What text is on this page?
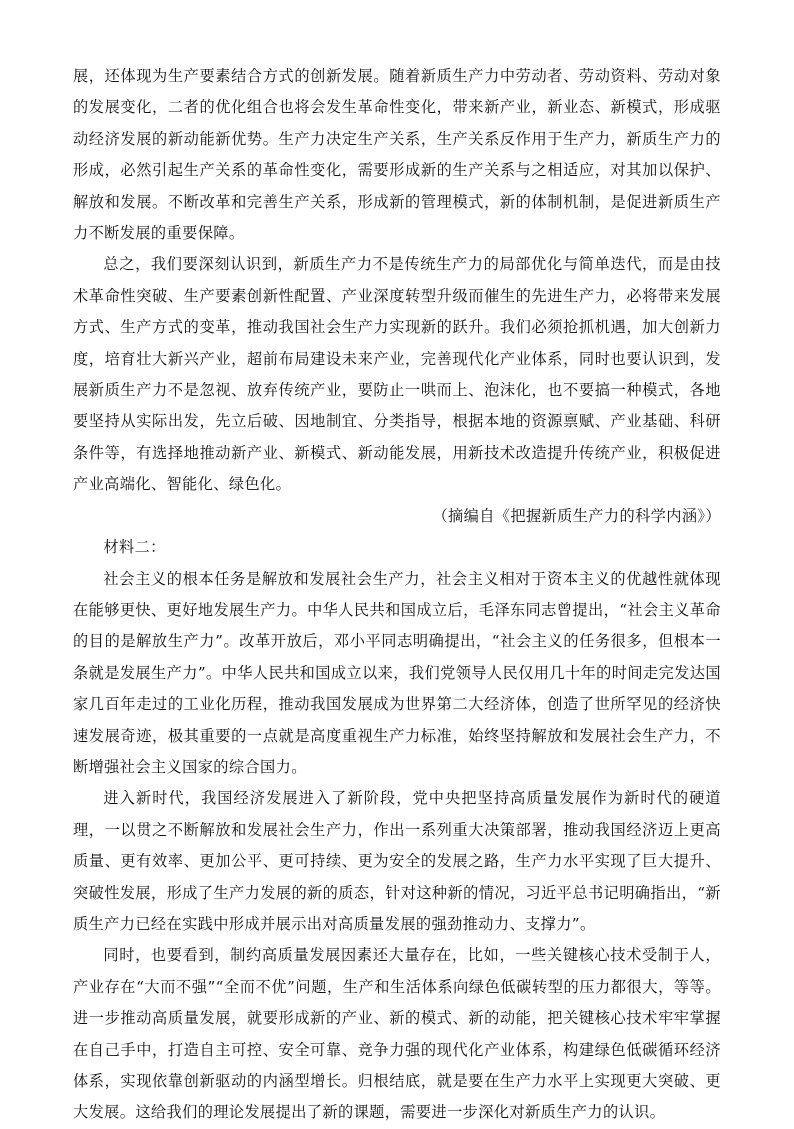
展，还体现为生产要素结合方式的创新发展。随着新质生产力中劳动者、劳动资料、劳动对象的发展变化，二者的优化组合也将会发生革命性变化，带来新产业，新业态、新模式，形成驱动经济发展的新动能新优势。生产力决定生产关系，生产关系反作用于生产力，新质生产力的形成，必然引起生产关系的革命性变化，需要形成新的生产关系与之相适应，对其加以保护、解放和发展。不断改革和完善生产关系，形成新的管理模式，新的体制机制，是促进新质生产力不断发展的重要保障。

总之，我们要深刻认识到，新质生产力不是传统生产力的局部优化与简单迭代，而是由技术革命性突破、生产要素创新性配置、产业深度转型升级而催生的先进生产力，必将带来发展方式、生产方式的变革，推动我国社会生产力实现新的跃升。我们必须抢抓机遇，加大创新力度，培育壮大新兴产业，超前布局建设未来产业，完善现代化产业体系，同时也要认识到，发展新质生产力不是忽视、放弃传统产业，要防止一哄而上、泡沫化，也不要搞一种模式，各地要坚持从实际出发，先立后破、因地制宜、分类指导，根据本地的资源禀赋、产业基础、科研条件等，有选择地推动新产业、新模式、新动能发展，用新技术改造提升传统产业，积极促进产业高端化、智能化、绿色化。

（摘编自《把握新质生产力的科学内涵》）

材料二：

社会主义的根本任务是解放和发展社会生产力，社会主义相对于资本主义的优越性就体现在能够更快、更好地发展生产力。中华人民共和国成立后，毛泽东同志曾提出，“社会主义革命的目的是解放生产力”。改革开放后，邓小平同志明确提出，“社会主义的任务很多，但根本一条就是发展生产力”。中华人民共和国成立以来，我们党领导人民仅用几十年的时间走完发达国家几百年走过的工业化历程，推动我国发展成为世界第二大经济体，创造了世所罕见的经济快速发展奇迹，极其重要的一点就是高度重视生产力标准，始终坚持解放和发展社会生产力，不断增强社会主义国家的综合国力。

进入新时代，我国经济发展进入了新阶段，党中央把坚持高质量发展作为新时代的硬道理，一以贯之不断解放和发展社会生产力，作出一系列重大决策部署，推动我国经济迈上更高质量、更有效率、更加公平、更可持续、更为安全的发展之路，生产力水平实现了巨大提升、突破性发展，形成了生产力发展的新的质态，针对这种新的情况，习近平总书记明确指出，“新质生产力已经在实践中形成并展示出对高质量发展的强劲推动力、支撑力”。

同时，也要看到，制约高质量发展因素还大量存在，比如，一些关键核心技术受制于人，产业存在“大而不强”“全而不优”问题，生产和生活体系向绿色低碳转型的压力都很大，等等。进一步推动高质量发展，就要形成新的产业、新的模式、新的动能，把关键核心技术牢牢掌握在自己手中，打造自主可控、安全可靠、竞争力强的现代化产业体系，构建绿色低碳循环经济体系，实现依靠创新驱动的内涵型增长。归根结底，就是要在生产力水平上实现更大突破、更大发展。这给我们的理论发展提出了新的课题，需要进一步深化对新质生产力的认识。
